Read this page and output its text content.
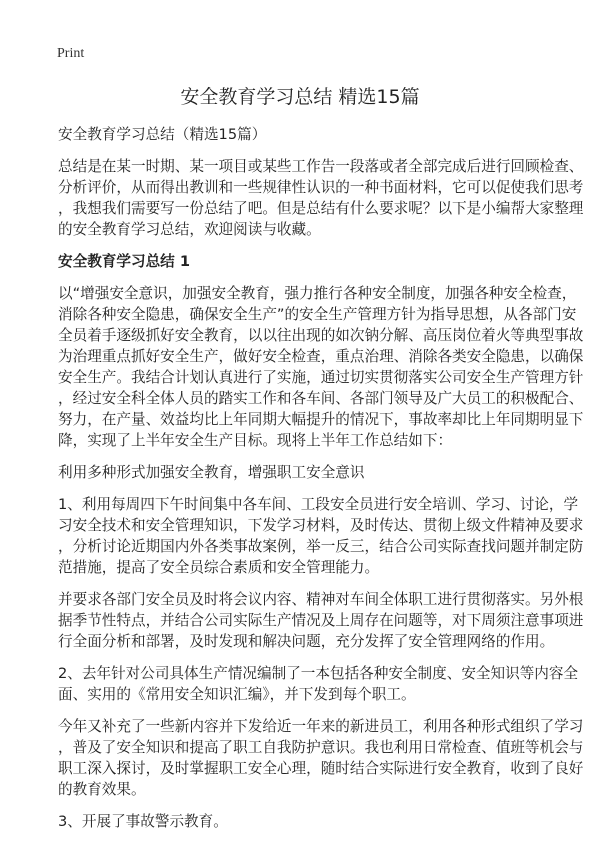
Print
安全教育学习总结 精选15篇
安全教育学习总结（精选15篇）
总结是在某一时期、某一项目或某些工作告一段落或者全部完成后进行回顾检查、
分析评价，从而得出教训和一些规律性认识的一种书面材料，它可以促使我们思考
，我想我们需要写一份总结了吧。但是总结有什么要求呢？以下是小编帮大家整理
的安全教育学习总结，欢迎阅读与收藏。
安全教育学习总结 1
以“增强安全意识，加强安全教育，强力推行各种安全制度，加强各种安全检查，
消除各种安全隐患，确保安全生产”的安全生产管理方针为指导思想，从各部门安
全员着手逐级抓好安全教育，以以往出现的如次钠分解、高压岗位着火等典型事故
为治理重点抓好安全生产，做好安全检查，重点治理、消除各类安全隐患，以确保
安全生产。我结合计划认真进行了实施，通过切实贯彻落实公司安全生产管理方针
，经过安全科全体人员的踏实工作和各车间、各部门领导及广大员工的积极配合、
努力，在产量、效益均比上年同期大幅提升的情况下，事故率却比上年同期明显下
降，实现了上半年安全生产目标。现将上半年工作总结如下：
利用多种形式加强安全教育，增强职工安全意识
1、利用每周四下午时间集中各车间、工段安全员进行安全培训、学习、讨论，学
习安全技术和安全管理知识，下发学习材料，及时传达、贯彻上级文件精神及要求
，分析讨论近期国内外各类事故案例，举一反三，结合公司实际查找问题并制定防
范措施，提高了安全员综合素质和安全管理能力。
并要求各部门安全员及时将会议内容、精神对车间全体职工进行贯彻落实。另外根
据季节性特点，并结合公司实际生产情况及上周存在问题等，对下周须注意事项进
行全面分析和部署，及时发现和解决问题，充分发挥了安全管理网络的作用。
2、去年针对公司具体生产情况编制了一本包括各种安全制度、安全知识等内容全
面、实用的《常用安全知识汇编》，并下发到每个职工。
今年又补充了一些新内容并下发给近一年来的新进员工，利用各种形式组织了学习
，普及了安全知识和提高了职工自我防护意识。我也利用日常检查、值班等机会与
职工深入探讨，及时掌握职工安全心理，随时结合实际进行安全教育，收到了良好
的教育效果。
3、开展了事故警示教育。
